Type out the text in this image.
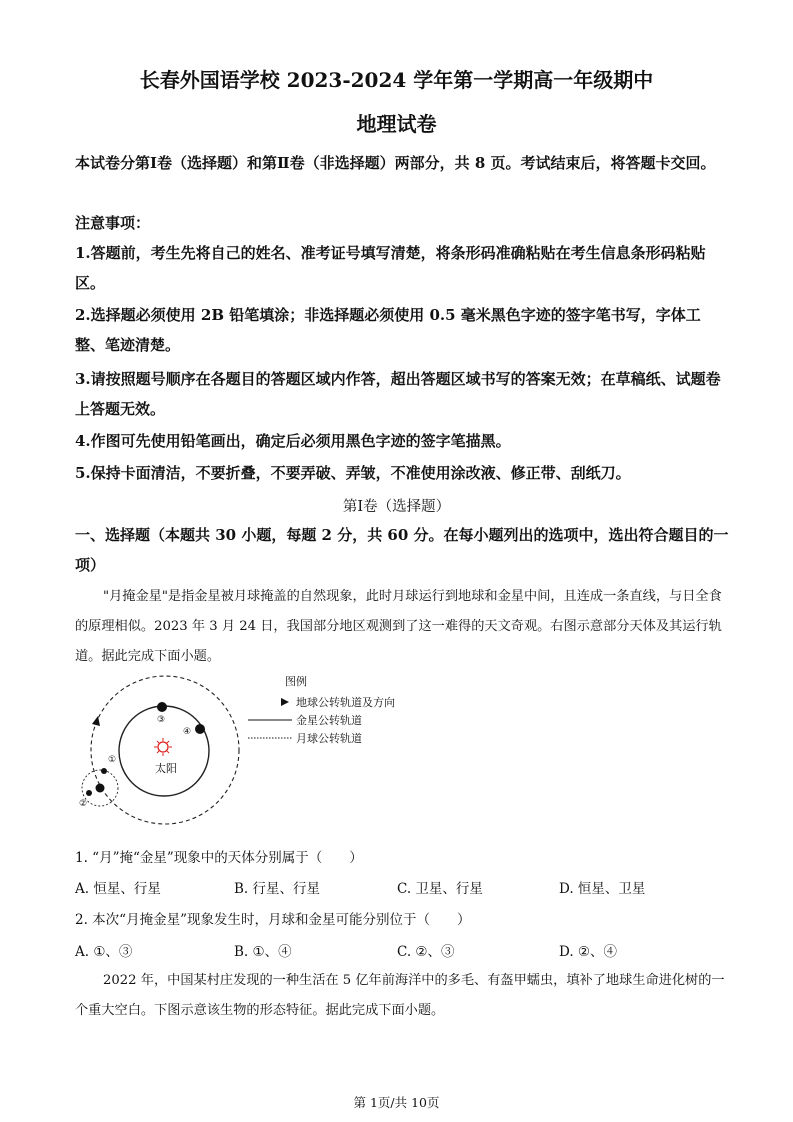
长春外国语学校 2023-2024 学年第一学期高一年级期中
地理试卷
本试卷分第Ⅰ卷（选择题）和第Ⅱ卷（非选择题）两部分，共 8 页。考试结束后，将答题卡交回。
注意事项：
1.答题前，考生先将自己的姓名、准考证号填写清楚，将条形码准确粘贴在考生信息条形码粘贴区。
2.选择题必须使用 2B 铅笔填涂；非选择题必须使用 0.5 毫米黑色字迹的签字笔书写，字体工整、笔迹清楚。
3.请按照题号顺序在各题目的答题区域内作答，超出答题区域书写的答案无效；在草稿纸、试题卷上答题无效。
4.作图可先使用铅笔画出，确定后必须用黑色字迹的签字笔描黑。
5.保持卡面清洁，不要折叠，不要弄破、弄皱，不准使用涂改液、修正带、刮纸刀。
第Ⅰ卷（选择题）
一、选择题（本题共 30 小题，每题 2 分，共 60 分。在每小题列出的选项中，选出符合题目的一项）
"月掩金星"是指金星被月球掩盖的自然现象，此时月球运行到地球和金星中间，且连成一条直线，与日全食的原理相似。2023 年 3 月 24 日，我国部分地区观测到了这一难得的天文奇观。右图示意部分天体及其运行轨道。据此完成下面小题。
太阳
③
④
①
②
图例
地球公转轨道及方向
金星公转轨道
月球公转轨道
1. “月”掩“金星”现象中的天体分别属于（　　）
A. 恒星、行星	B. 行星、行星	C. 卫星、行星	D. 恒星、卫星
2. 本次“月掩金星”现象发生时，月球和金星可能分别位于（　　）
A. ①、③	B. ①、④	C. ②、③	D. ②、④
2022 年，中国某村庄发现的一种生活在 5 亿年前海洋中的多毛、有盔甲蠕虫，填补了地球生命进化树的一个重大空白。下图示意该生物的形态特征。据此完成下面小题。
第 1页/共 10页
